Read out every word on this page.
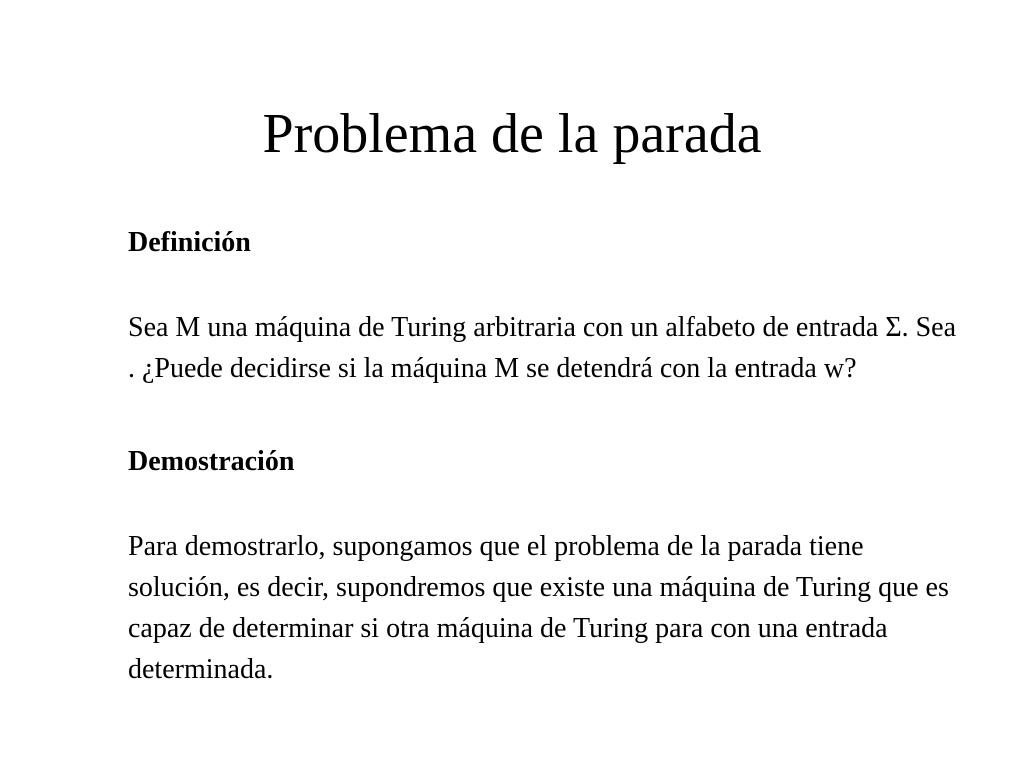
Problema de la parada

Definición

Sea M una máquina de Turing arbitraria con un alfabeto de entrada Σ. Sea . ¿Puede decidirse si la máquina M se detendrá con la entrada w?

Demostración

Para demostrarlo, supongamos que el problema de la parada tiene solución, es decir, supondremos que existe una máquina de Turing que es capaz de determinar si otra máquina de Turing para con una entrada determinada.
